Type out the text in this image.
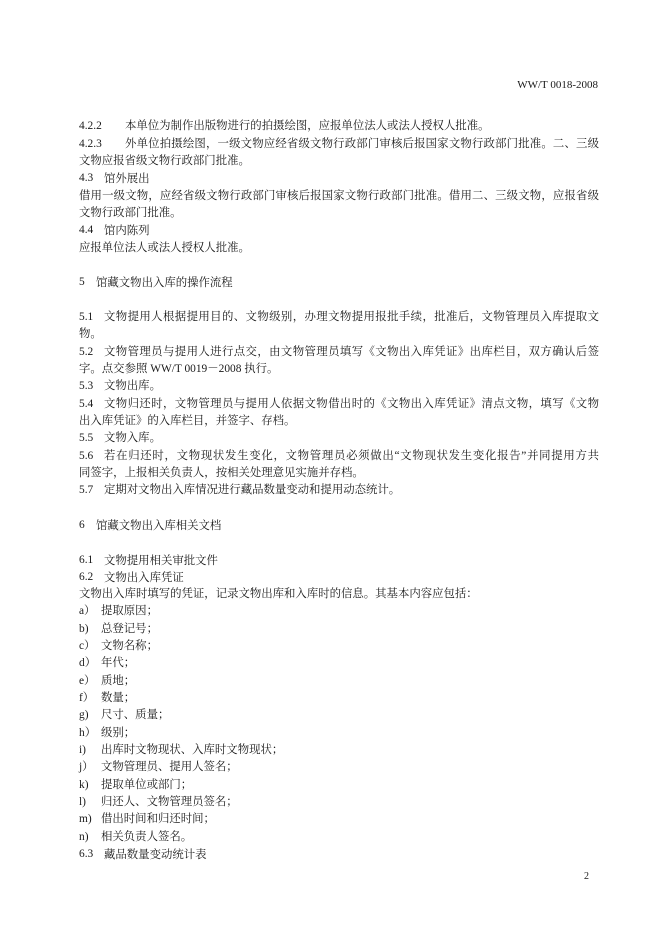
WW/T 0018-2008
4.2.2	本单位为制作出版物进行的拍摄绘图，应报单位法人或法人授权人批准。
4.2.3	外单位拍摄绘图，一级文物应经省级文物行政部门审核后报国家文物行政部门批准。二、三级
文物应报省级文物行政部门批准。
4.3 馆外展出
借用一级文物，应经省级文物行政部门审核后报国家文物行政部门批准。借用二、三级文物，应报省级
文物行政部门批准。
4.4 馆内陈列
应报单位法人或法人授权人批准。
5 馆藏文物出入库的操作流程
5.1 文物提用人根据提用目的、文物级别，办理文物提用报批手续，批准后，文物管理员入库提取文
物。
5.2 文物管理员与提用人进行点交，由文物管理员填写《文物出入库凭证》出库栏目，双方确认后签
字。点交参照 WW/T 0019－2008 执行。
5.3 文物出库。
5.4 文物归还时，文物管理员与提用人依据文物借出时的《文物出入库凭证》清点文物，填写《文物
出入库凭证》的入库栏目，并签字、存档。
5.5 文物入库。
5.6 若在归还时，文物现状发生变化，文物管理员必须做出“文物现状发生变化报告”并同提用方共
同签字，上报相关负责人，按相关处理意见实施并存档。
5.7 定期对文物出入库情况进行藏品数量变动和提用动态统计。
6 馆藏文物出入库相关文档
6.1 文物提用相关审批文件
6.2 文物出入库凭证
文物出入库时填写的凭证，记录文物出库和入库时的信息。其基本内容应包括：
a） 提取原因；
b)	总登记号；
c） 文物名称；
d） 年代；
e） 质地；
f） 数量；
g)	尺寸、质量；
h） 级别；
i)	出库时文物现状、入库时文物现状；
j） 文物管理员、提用人签名；
k)	提取单位或部门；
l)	归还人、文物管理员签名；
m) 借出时间和归还时间；
n)	相关负责人签名。
6.3 藏品数量变动统计表
2
